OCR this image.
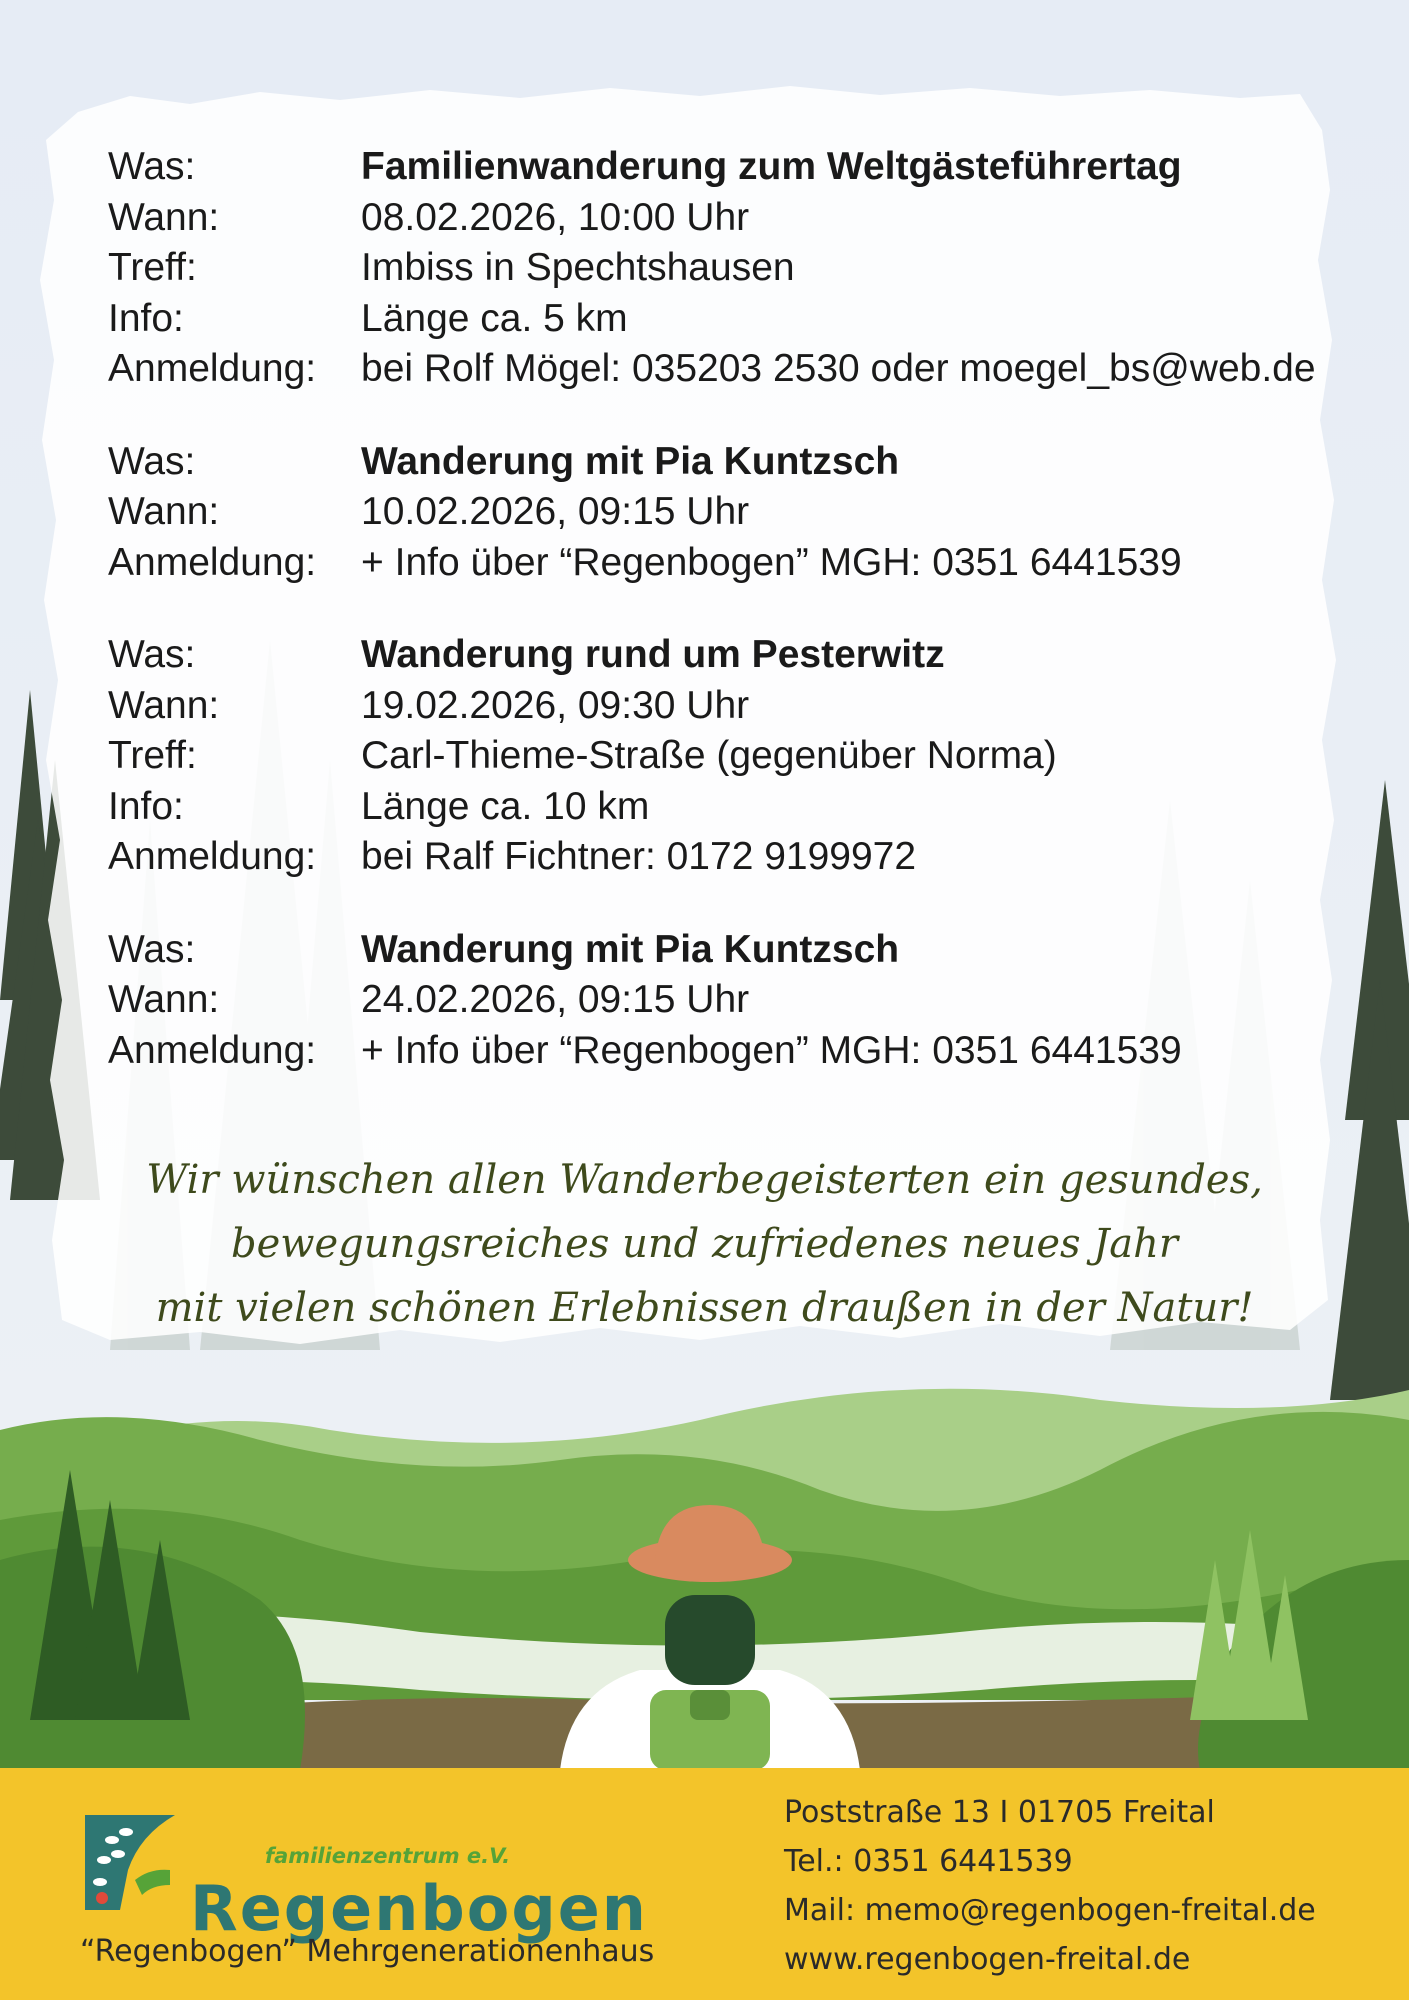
Was:	Familienwanderung zum Weltgästeführertag
Wann:	08.02.2026, 10:00 Uhr
Treff:	Imbiss in Spechtshausen
Info:	Länge ca. 5 km
Anmeldung:	bei Rolf Mögel: 035203 2530 oder moegel_bs@web.de
Was:	Wanderung mit Pia Kuntzsch
Wann:	10.02.2026, 09:15 Uhr
Anmeldung:	+ Info über “Regenbogen” MGH: 0351 6441539
Was:	Wanderung rund um Pesterwitz
Wann:	19.02.2026, 09:30 Uhr
Treff:	Carl-Thieme-Straße (gegenüber Norma)
Info:	Länge ca. 10 km
Anmeldung:	bei Ralf Fichtner: 0172 9199972
Was:	Wanderung mit Pia Kuntzsch
Wann:	24.02.2026, 09:15 Uhr
Anmeldung:	+ Info über “Regenbogen” MGH: 0351 6441539
Wir wünschen allen Wanderbegeisterten ein gesundes,
bewegungsreiches und zufriedenes neues Jahr
mit vielen schönen Erlebnissen draußen in der Natur!
familienzentrum e.V.
Regenbogen
“Regenbogen” Mehrgenerationenhaus
Poststraße 13 I 01705 Freital
Tel.: 0351 6441539
Mail: memo@regenbogen-freital.de
www.regenbogen-freital.de
